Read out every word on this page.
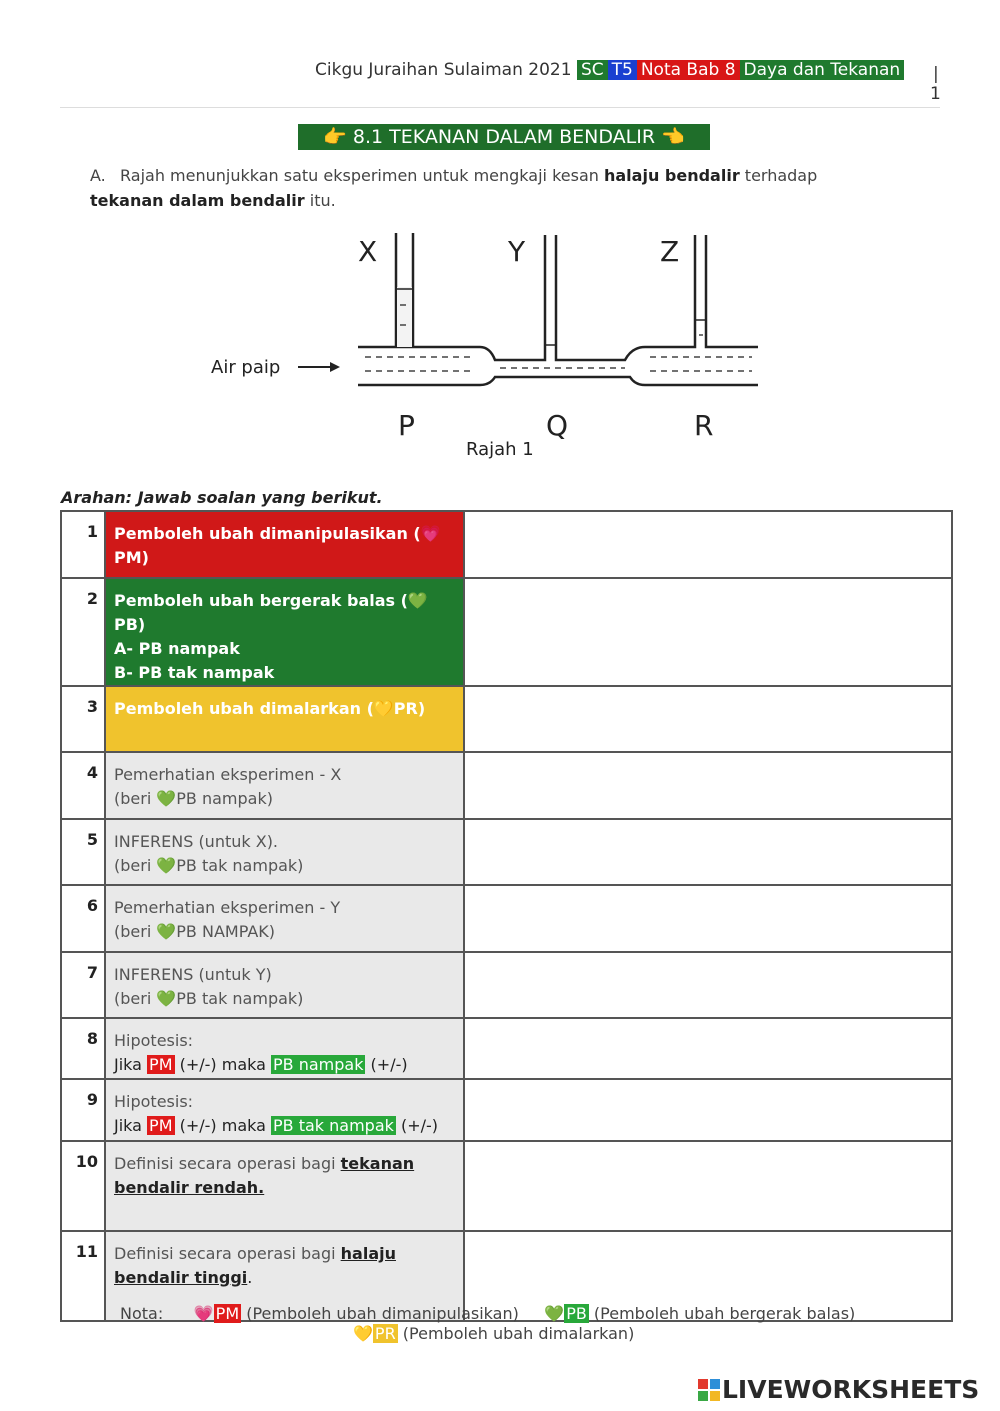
Cikgu Juraihan Sulaiman 2021 SC T5 Nota Bab 8 Daya dan Tekanan |
1
👉 8.1 TEKANAN DALAM BENDALIR 👈
A. Rajah menunjukkan satu eksperimen untuk mengkaji kesan halaju bendalir terhadap tekanan dalam bendalir itu.
Air paip
X	Y	Z
P	Q	R
Rajah 1
Arahan: Jawab soalan yang berikut.
1	Pemboleh ubah dimanipulasikan (💗PM)	
2	Pemboleh ubah bergerak balas (💚PB)
A- PB nampak
B- PB tak nampak	

3	Pemboleh ubah dimalarkan (💛PR)	
4	Pemerhatian eksperimen - X
(beri 💚PB nampak)	

5	INFERENS (untuk X).
(beri 💚PB tak nampak)	

6	Pemerhatian eksperimen - Y
(beri 💚PB NAMPAK)	

7	INFERENS (untuk Y)
(beri 💚PB tak nampak)	

8	Hipotesis:
Jika PM (+/-) maka PB nampak (+/-)	

9	Hipotesis:
Jika PM (+/-) maka PB tak nampak (+/-)	

10	Definisi secara operasi bagi tekanan
bendalir rendah.	
11	Definisi secara operasi bagi halaju
bendalir tinggi.	
Nota: 💗 PM (Pemboleh ubah dimanipulasikan) 💚 PB (Pemboleh ubah bergerak balas)
💛 PR (Pemboleh ubah dimalarkan)
LIVEWORKSHEETS
